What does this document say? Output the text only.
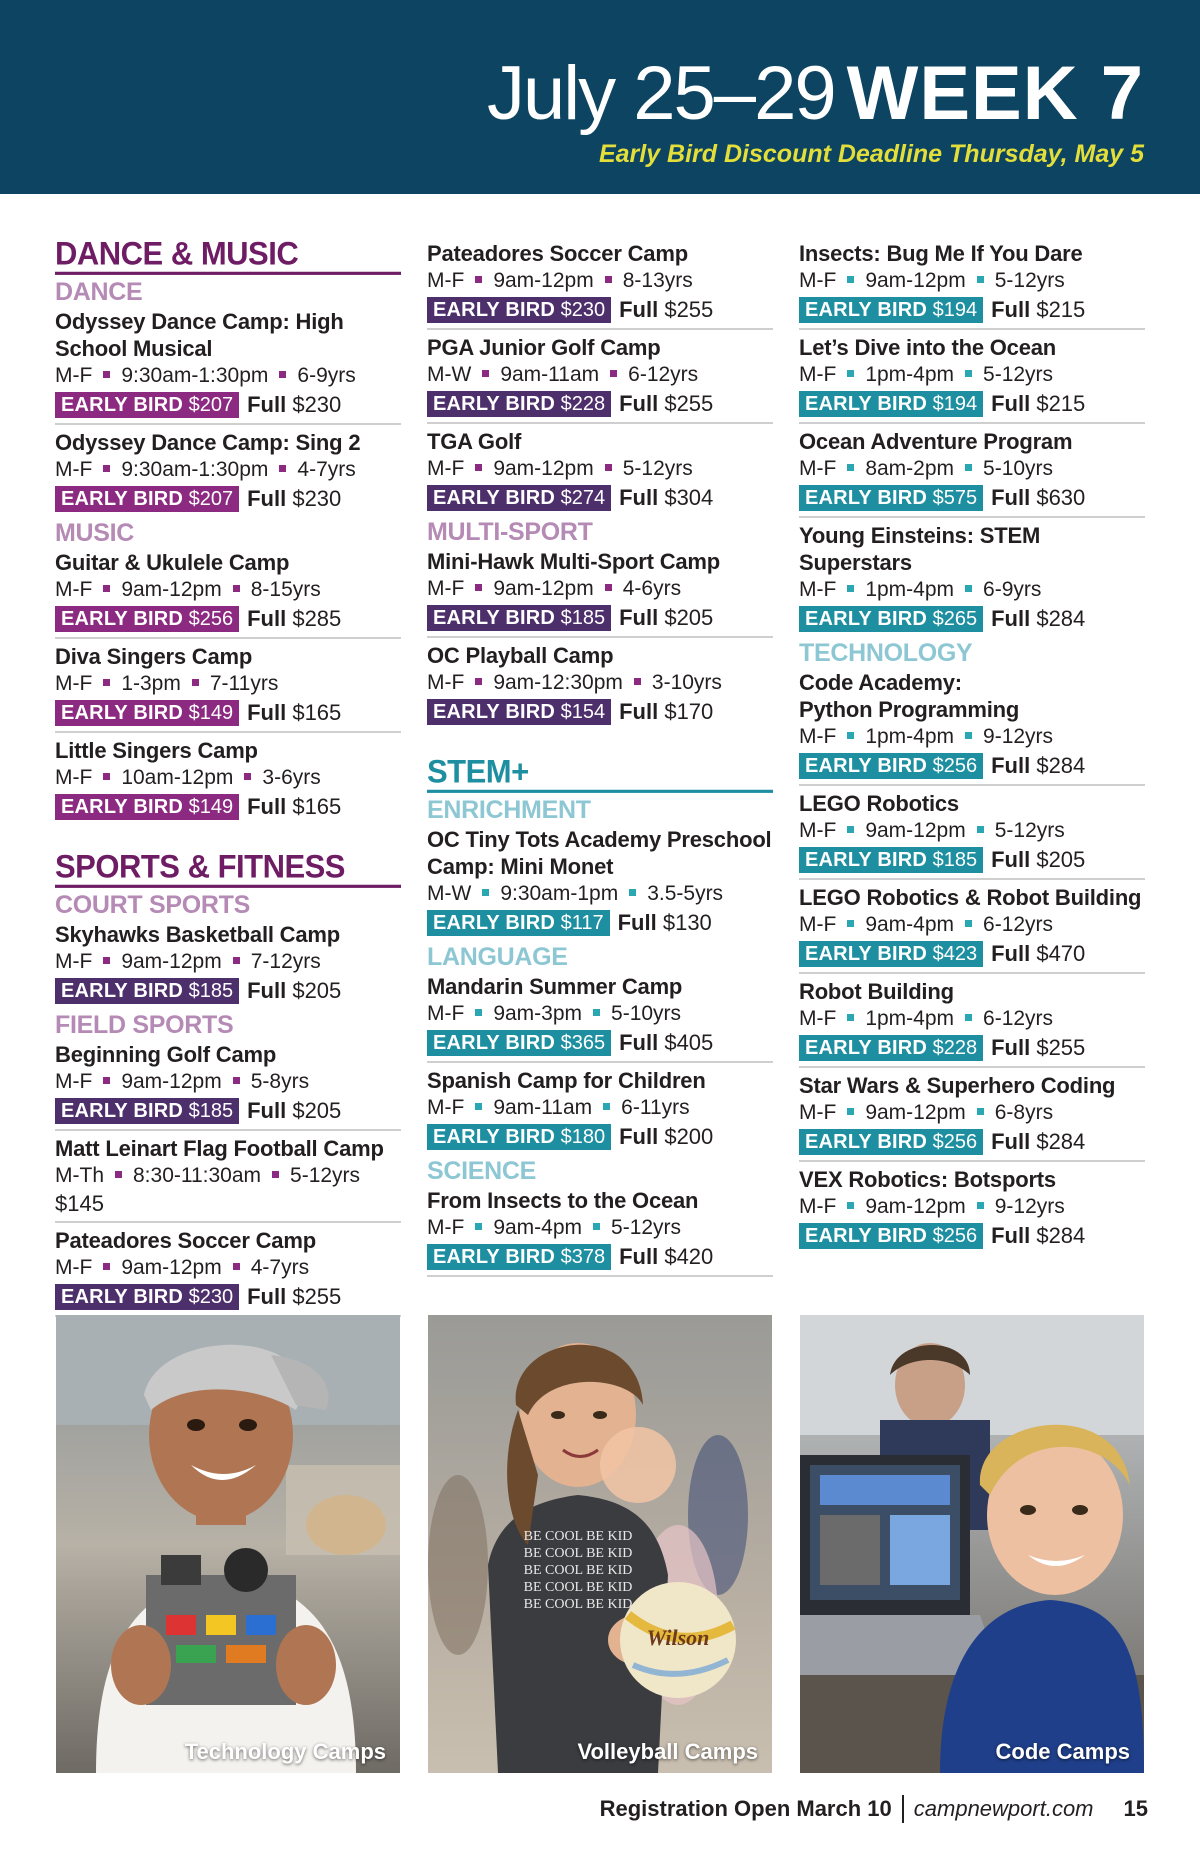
July 25–29 WEEK 7
Early Bird Discount Deadline Thursday, May 5
DANCE & MUSIC
DANCE
Odyssey Dance Camp: High School Musical
M-F 9:30am-1:30pm 6-9yrs
EARLY BIRD $207 Full $230
Odyssey Dance Camp: Sing 2
M-F 9:30am-1:30pm 4-7yrs
EARLY BIRD $207 Full $230
MUSIC
Guitar & Ukulele Camp
M-F 9am-12pm 8-15yrs
EARLY BIRD $256 Full $285
Diva Singers Camp
M-F 1-3pm 7-11yrs
EARLY BIRD $149 Full $165
Little Singers Camp
M-F 10am-12pm 3-6yrs
EARLY BIRD $149 Full $165
SPORTS & FITNESS
COURT SPORTS
Skyhawks Basketball Camp
M-F 9am-12pm 7-12yrs
EARLY BIRD $185 Full $205
FIELD SPORTS
Beginning Golf Camp
M-F 9am-12pm 5-8yrs
EARLY BIRD $185 Full $205
Matt Leinart Flag Football Camp
M-Th 8:30-11:30am 5-12yrs
$145
Pateadores Soccer Camp
M-F 9am-12pm 4-7yrs
EARLY BIRD $230 Full $255
Pateadores Soccer Camp
M-F 9am-12pm 8-13yrs
EARLY BIRD $230 Full $255
PGA Junior Golf Camp
M-W 9am-11am 6-12yrs
EARLY BIRD $228 Full $255
TGA Golf
M-F 9am-12pm 5-12yrs
EARLY BIRD $274 Full $304
MULTI-SPORT
Mini-Hawk Multi-Sport Camp
M-F 9am-12pm 4-6yrs
EARLY BIRD $185 Full $205
OC Playball Camp
M-F 9am-12:30pm 3-10yrs
EARLY BIRD $154 Full $170
STEM+
ENRICHMENT
OC Tiny Tots Academy Preschool Camp: Mini Monet
M-W 9:30am-1pm 3.5-5yrs
EARLY BIRD $117 Full $130
LANGUAGE
Mandarin Summer Camp
M-F 9am-3pm 5-10yrs
EARLY BIRD $365 Full $405
Spanish Camp for Children
M-F 9am-11am 6-11yrs
EARLY BIRD $180 Full $200
SCIENCE
From Insects to the Ocean
M-F 9am-4pm 5-12yrs
EARLY BIRD $378 Full $420
Insects: Bug Me If You Dare
M-F 9am-12pm 5-12yrs
EARLY BIRD $194 Full $215
Let’s Dive into the Ocean
M-F 1pm-4pm 5-12yrs
EARLY BIRD $194 Full $215
Ocean Adventure Program
M-F 8am-2pm 5-10yrs
EARLY BIRD $575 Full $630
Young Einsteins: STEM Superstars
M-F 1pm-4pm 6-9yrs
EARLY BIRD $265 Full $284
TECHNOLOGY
Code Academy: Python Programming
M-F 1pm-4pm 9-12yrs
EARLY BIRD $256 Full $284
LEGO Robotics
M-F 9am-12pm 5-12yrs
EARLY BIRD $185 Full $205
LEGO Robotics & Robot Building
M-F 9am-4pm 6-12yrs
EARLY BIRD $423 Full $470
Robot Building
M-F 1pm-4pm 6-12yrs
EARLY BIRD $228 Full $255
Star Wars & Superhero Coding
M-F 9am-12pm 6-8yrs
EARLY BIRD $256 Full $284
VEX Robotics: Botsports
M-F 9am-12pm 9-12yrs
EARLY BIRD $256 Full $284
Technology Camps
BE COOL BE KID
BE COOL BE KID
BE COOL BE KID
BE COOL BE KID
BE COOL BE KID
Wilson
Volleyball Camps	Code Camps
Registration Open March 10 campnewport.com 15
